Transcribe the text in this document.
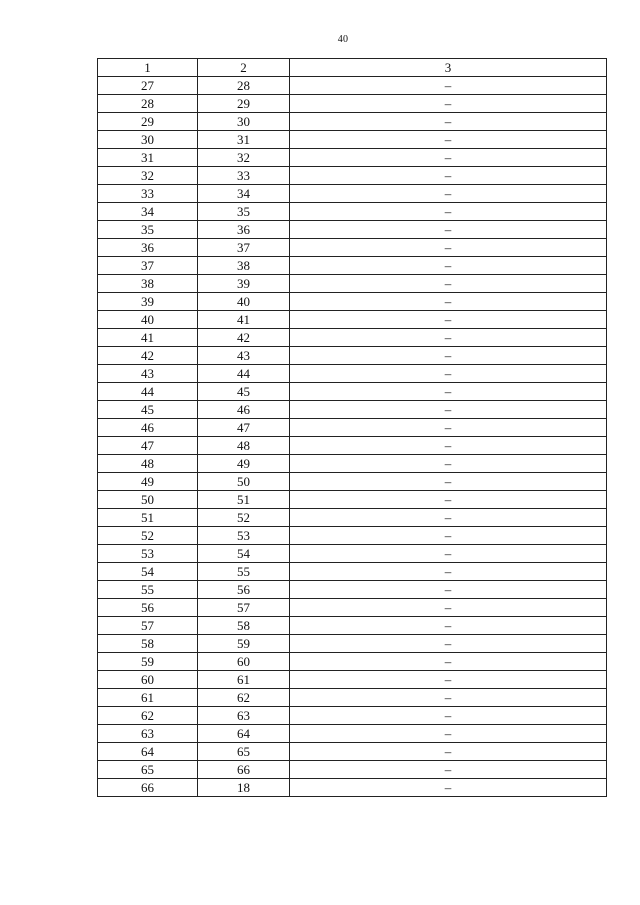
40
1	2	3
27	28	–
28	29	–
29	30	–
30	31	–
31	32	–
32	33	–
33	34	–
34	35	–
35	36	–
36	37	–
37	38	–
38	39	–
39	40	–
40	41	–
41	42	–
42	43	–
43	44	–
44	45	–
45	46	–
46	47	–
47	48	–
48	49	–
49	50	–
50	51	–
51	52	–
52	53	–
53	54	–
54	55	–
55	56	–
56	57	–
57	58	–
58	59	–
59	60	–
60	61	–
61	62	–
62	63	–
63	64	–
64	65	–
65	66	–
66	18	–
